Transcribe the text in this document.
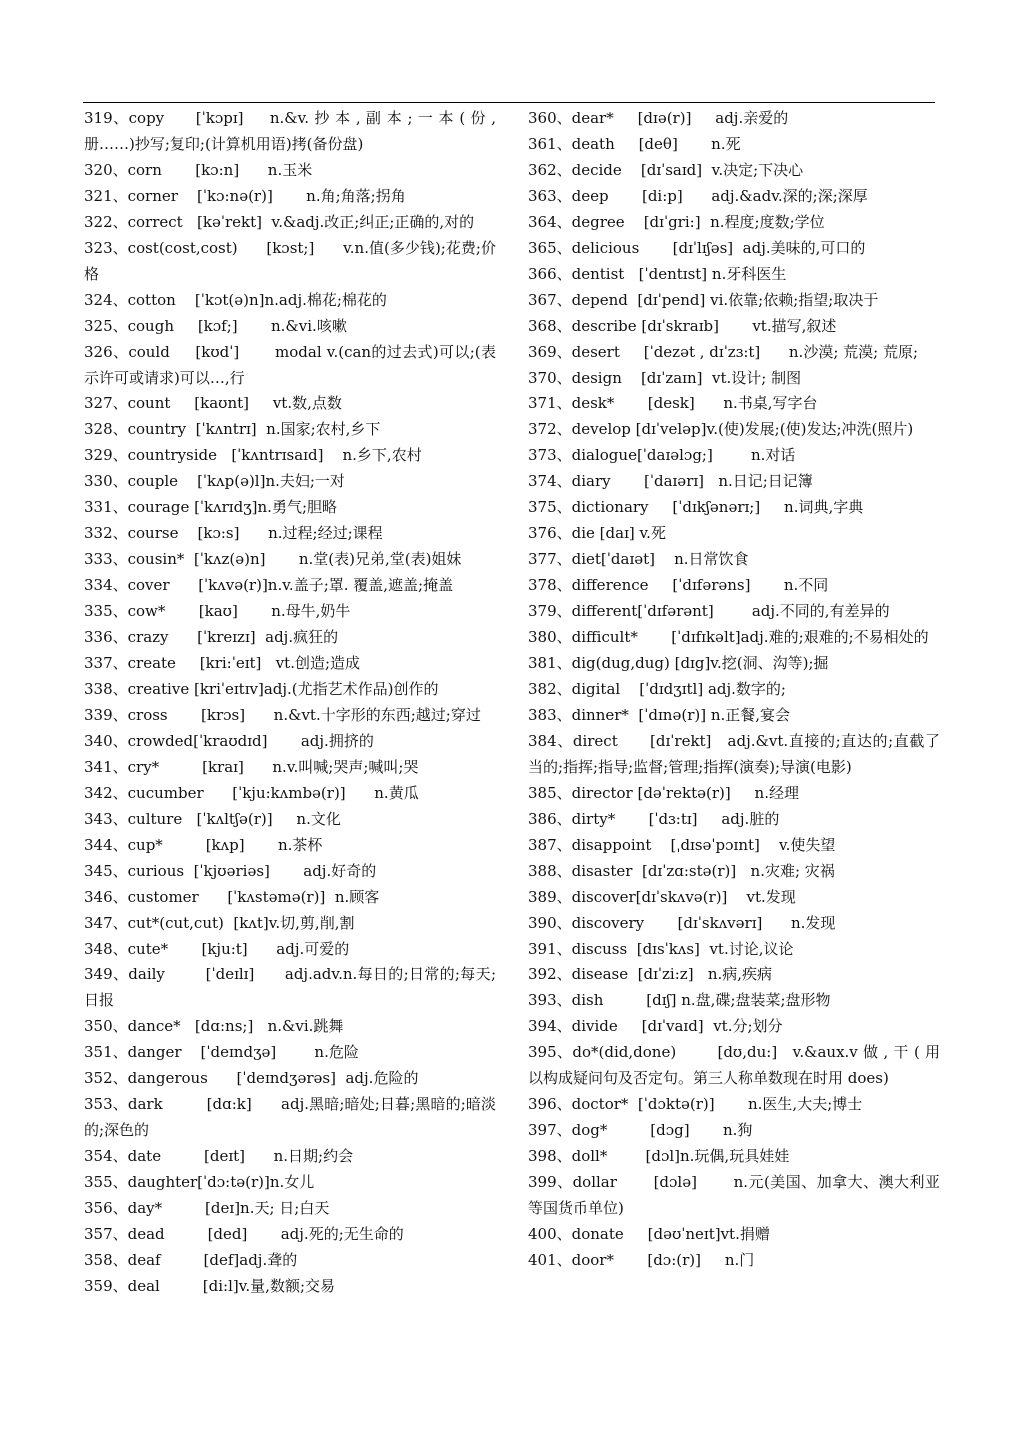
319、copy      [ˈkɔpɪ]     n.&v. 抄 本 , 副 本 ; 一 本 ( 份 , 册……)抄写;复印;(计算机用语)拷(备份盘)
320、corn       [kɔ:n]      n.玉米
321、corner    [ˈkɔ:nə(r)]       n.角;角落;拐角
322、correct   [kəˈrekt]  v.&adj.改正;纠正;正确的,对的
323、cost(cost,cost)      [kɔst;]      v.n.值(多少钱);花费;价格
324、cotton    [ˈkɔt(ə)n]n.adj.棉花;棉花的
325、cough     [kɔf;]       n.&vi.咳嗽
326、could     [kʊdˈ]       modal v.(can的过去式)可以;(表示许可或请求)可以…,行
327、count     [kaʊnt]     vt.数,点数
328、country  [ˈkʌntrɪ]  n.国家;农村,乡下
329、countryside   [ˈkʌntrɪsaɪd]    n.乡下,农村
330、couple    [ˈkʌp(ə)l]n.夫妇;一对
331、courage [ˈkʌrɪdʒ]n.勇气;胆略
332、course    [kɔ:s]      n.过程;经过;课程
333、cousin*  [ˈkʌz(ə)n]       n.堂(表)兄弟,堂(表)姐妹
334、cover      [ˈkʌvə(r)]n.v.盖子;罩. 覆盖,遮盖;掩盖
335、cow*       [kaʊ]       n.母牛,奶牛
336、crazy      [ˈkreɪzɪ]  adj.疯狂的
337、create     [kri:ˈeɪt]   vt.创造;造成
338、creative [kriˈeɪtɪv]adj.(尤指艺术作品)创作的
339、cross       [krɔs]      n.&vt.十字形的东西;越过;穿过
340、crowded[ˈkraʊdɪd]       adj.拥挤的
341、cry*         [kraɪ]      n.v.叫喊;哭声;喊叫;哭
342、cucumber      [ˈkju:kʌmbə(r)]      n.黄瓜
343、culture   [ˈkʌltʃə(r)]     n.文化
344、cup*         [kʌp]       n.茶杯
345、curious  [ˈkjʊəriəs]       adj.好奇的
346、customer      [ˈkʌstəmə(r)]  n.顾客
347、cut*(cut,cut)  [kʌt]v.切,剪,削,割
348、cute*       [kju:t]      adj.可爱的
349、daily        [ˈdeɪlɪ]      adj.adv.n.每日的;日常的;每天;日报
350、dance*   [dɑ:ns;]   n.&vi.跳舞
351、danger    [ˈdeɪndʒə]        n.危险
352、dangerous      [ˈdeɪndʒərəs]  adj.危险的
353、dark         [dɑ:k]      adj.黑暗;暗处;日暮;黑暗的;暗淡的;深色的
354、date         [deɪt]      n.日期;约会
355、daughter[ˈdɔ:tə(r)]n.女儿
356、day*         [deɪ]n.天; 日;白天
357、dead         [ded]       adj.死的;无生命的
358、deaf         [def]adj.聋的
359、deal         [di:l]v.量,数额;交易
360、dear*     [dɪə(r)]     adj.亲爱的
361、death     [deθ]       n.死
362、decide    [dɪˈsaɪd]  v.决定;下决心
363、deep       [di:p]      adj.&adv.深的;深;深厚
364、degree    [dɪˈgri:]  n.程度;度数;学位
365、delicious       [dɪˈlɪʃəs]  adj.美味的,可口的
366、dentist   [ˈdentɪst] n.牙科医生
367、depend  [dɪˈpend] vi.依靠;依赖;指望;取决于
368、describe [dɪˈskraɪb]       vt.描写,叙述
369、desert     [ˈdezət , dɪˈzɜ:t]      n.沙漠; 荒漠; 荒原;
370、design    [dɪˈzaɪn]  vt.设计; 制图
371、desk*       [desk]      n.书桌,写字台
372、develop [dɪˈveləp]v.(使)发展;(使)发达;冲洗(照片)
373、dialogue[ˈdaɪəlɔg;]        n.对话
374、diary       [ˈdaɪərɪ]   n.日记;日记簿
375、dictionary     [ˈdɪkʃənərɪ;]     n.词典,字典
376、die [daɪ] v.死
377、diet[ˈdaɪət]    n.日常饮食
378、difference     [ˈdɪfərəns]       n.不同
379、different[ˈdɪfərənt]        adj.不同的,有差异的
380、difficult*       [ˈdɪfɪkəlt]adj.难的;艰难的;不易相处的
381、dig(dug,dug) [dɪg]v.挖(洞、沟等);掘
382、digital    [ˈdɪdʒɪtl] adj.数字的;
383、dinner*  [ˈdɪnə(r)] n.正餐,宴会
384、direct      [dɪˈrekt]   adj.&vt.直接的;直达的;直截了当的;指挥;指导;监督;管理;指挥(演奏);导演(电影)
385、director [dəˈrektə(r)]     n.经理
386、dirty*       [ˈdɜ:tɪ]     adj.脏的
387、disappoint    [ˌdɪsəˈpɔɪnt]    v.使失望
388、disaster  [dɪˈzɑ:stə(r)]   n.灾难; 灾祸
389、discover[dɪˈskʌvə(r)]    vt.发现
390、discovery       [dɪˈskʌvərɪ]      n.发现
391、discuss  [dɪsˈkʌs]  vt.讨论,议论
392、disease  [dɪˈzi:z]   n.病,疾病
393、dish         [dɪʃ] n.盘,碟;盘装菜;盘形物
394、divide     [dɪˈvaɪd]  vt.分;划分
395、do*(did,done)        [dʊ,du:]   v.&aux.v 做 , 干 ( 用 以构成疑问句及否定句。第三人称单数现在时用 does)
396、doctor*  [ˈdɔktə(r)]       n.医生,大夫;博士
397、dog*         [dɔg]       n.狗
398、doll*        [dɔl]n.玩偶,玩具娃娃
399、dollar       [dɔlə]       n.元(美国、加拿大、澳大利亚等国货币单位)
400、donate     [dəʊˈneɪt]vt.捐赠
401、door*       [dɔ:(r)]     n.门
